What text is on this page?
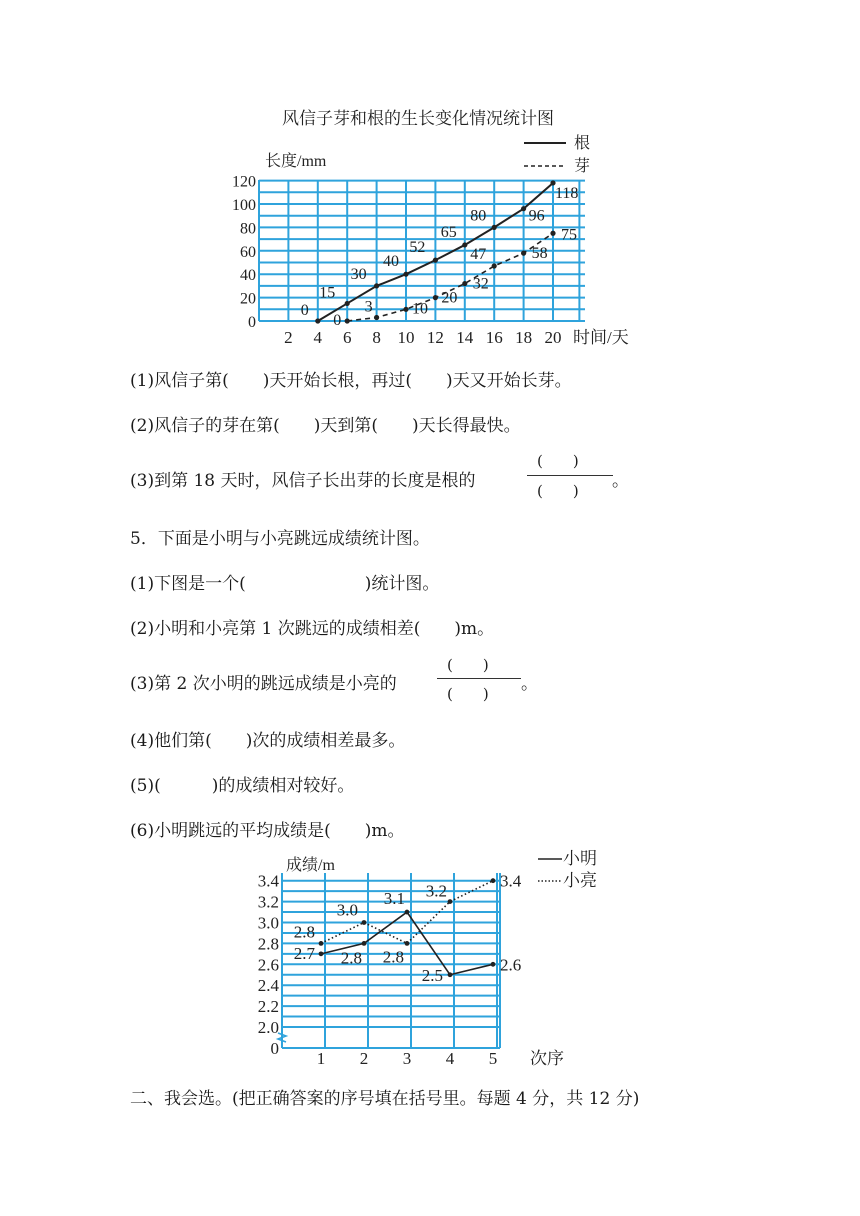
风信子芽和根的生长变化情况统计图
长度/mm
根
芽
0
20
40
60
80
100
120
2 4 6 8 10 12 14 16 18 20 时间/天
0
15
30
40
52
65
80	96
118
0
3 10
20
32
47	58
75
(1)风信子第(　　)天开始长根，再过(　　)天又开始长芽。
(2)风信子的芽在第(　　)天到第(　　)天长得最快。
(3)到第 18 天时，风信子长出芽的长度是根的
(　　)
(　　) 。
5．下面是小明与小亮跳远成绩统计图。
(1)下图是一个(　　　　　　　)统计图。
(2)小明和小亮第 1 次跳远的成绩相差(　　)m。
(3)第 2 次小明的跳远成绩是小亮的
(　　)
(　　) 。
(4)他们第(　　)次的成绩相差最多。
(5)(　　　)的成绩相对较好。
(6)小明跳远的平均成绩是(　　)m。
成绩/m	小明
小亮
0
2.0
2.2
2.4
2.6
2.8
3.0
3.2
3.4
1 2 3 4 5 次序
2.7 2.8
3.1
2.5
2.6
2.8
3.0
2.8
3.2
3.4
二、我会选。(把正确答案的序号填在括号里。每题 4 分，共 12 分)
